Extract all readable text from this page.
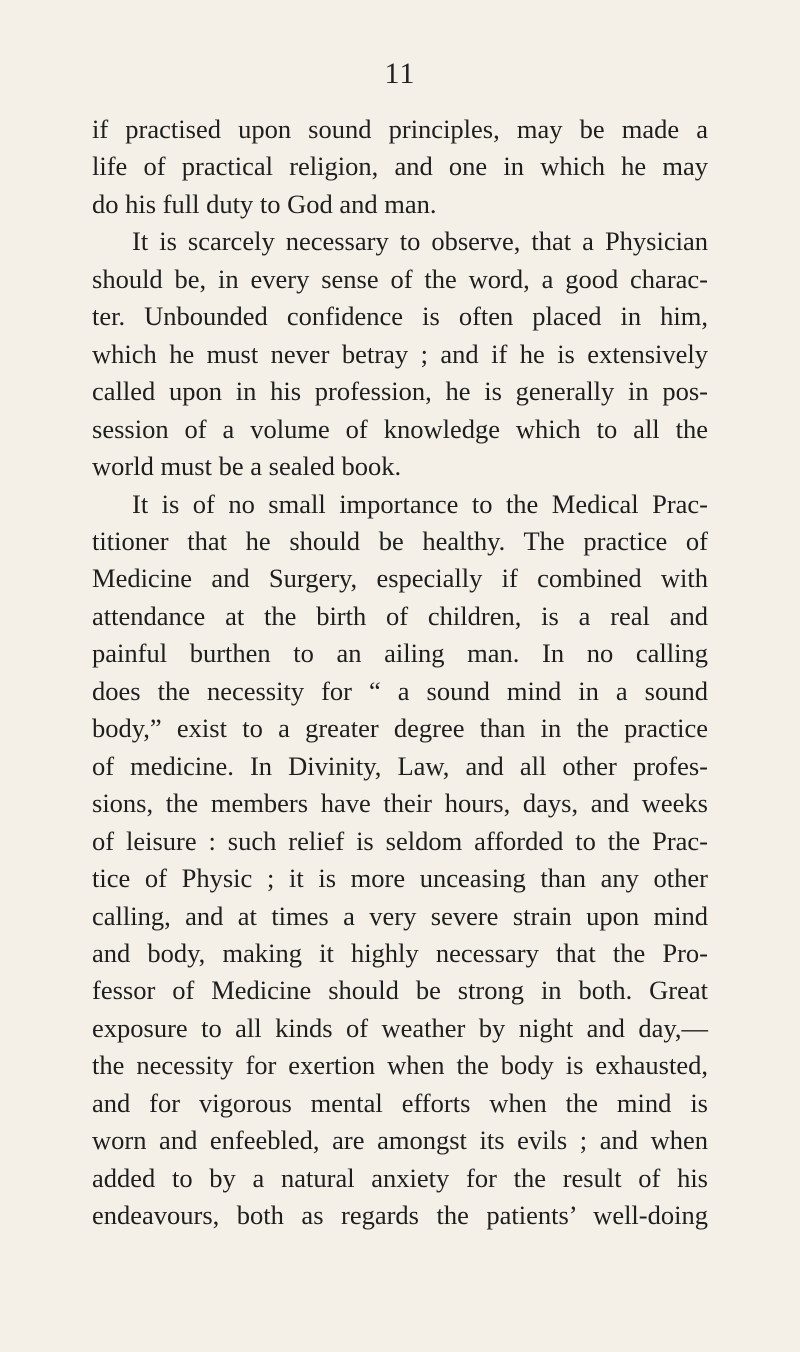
11
if practised upon sound principles, may be made a
life of practical religion, and one in which he may
do his full duty to God and man.
It is scarcely necessary to observe, that a Physician
should be, in every sense of the word, a good charac-
ter. Unbounded confidence is often placed in him,
which he must never betray ; and if he is extensively
called upon in his profession, he is generally in pos-
session of a volume of knowledge which to all the
world must be a sealed book.
It is of no small importance to the Medical Prac-
titioner that he should be healthy. The practice of
Medicine and Surgery, especially if combined with
attendance at the birth of children, is a real and
painful burthen to an ailing man. In no calling
does the necessity for “ a sound mind in a sound
body,” exist to a greater degree than in the practice
of medicine. In Divinity, Law, and all other profes-
sions, the members have their hours, days, and weeks
of leisure : such relief is seldom afforded to the Prac-
tice of Physic ; it is more unceasing than any other
calling, and at times a very severe strain upon mind
and body, making it highly necessary that the Pro-
fessor of Medicine should be strong in both. Great
exposure to all kinds of weather by night and day,—
the necessity for exertion when the body is exhausted,
and for vigorous mental efforts when the mind is
worn and enfeebled, are amongst its evils ; and when
added to by a natural anxiety for the result of his
endeavours, both as regards the patients’ well-doing
